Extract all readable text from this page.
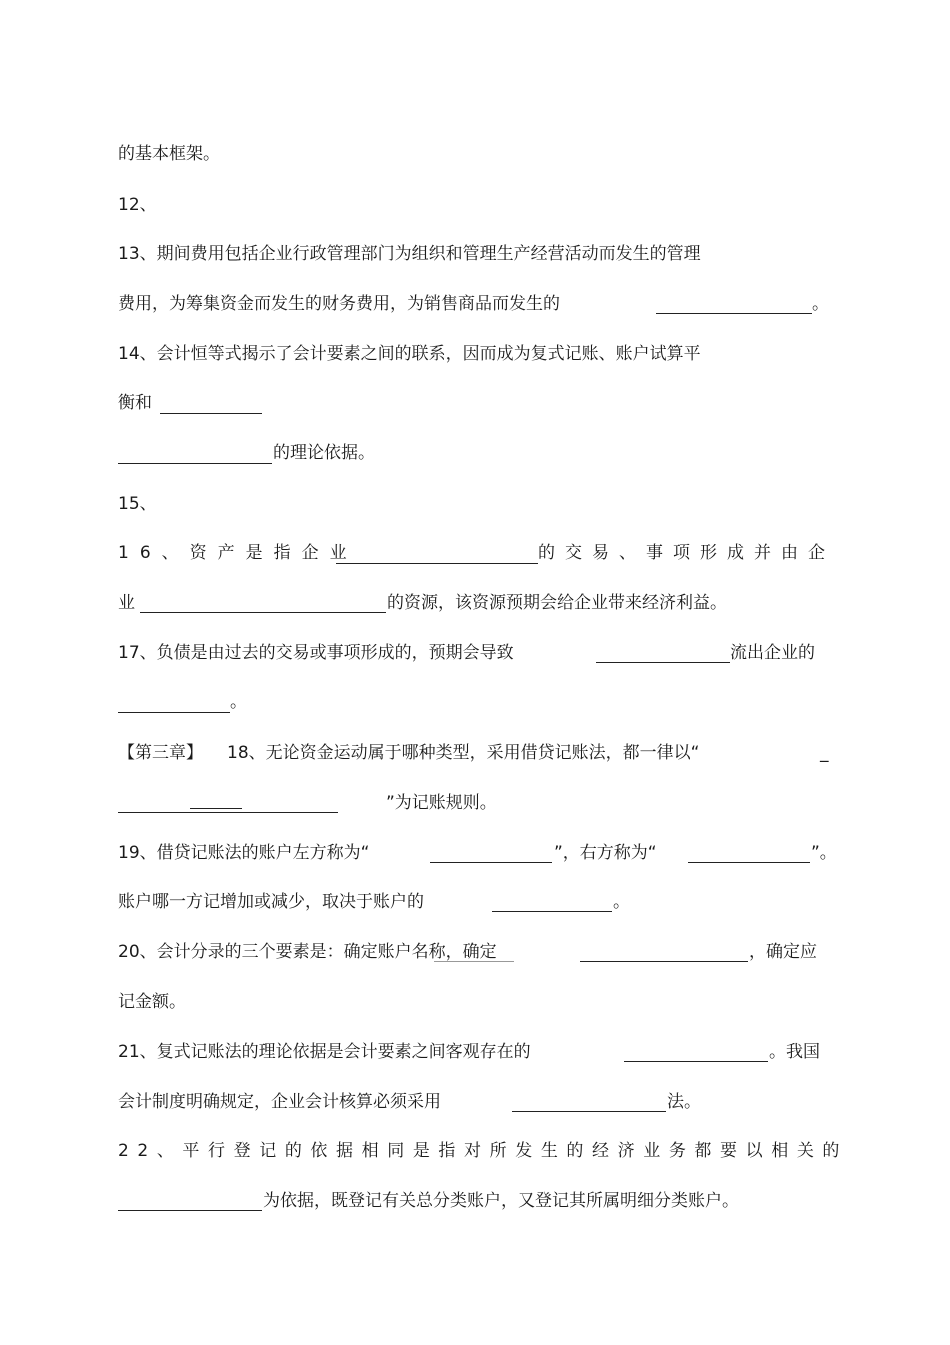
的基本框架。
12、
13、期间费用包括企业行政管理部门为组织和管理生产经营活动而发生的管理
费用，为筹集资金而发生的财务费用，为销售商品而发生的	。
14、会计恒等式揭示了会计要素之间的联系，因而成为复式记账、账户试算平
衡和
的理论依据。
15、
16、资产是指企业	的交易、事项形成并由企
业	的资源，该资源预期会给企业带来经济利益。
17、负债是由过去的交易或事项形成的，预期会导致	流出企业的
。
【第三章】 18、无论资金运动属于哪种类型，采用借贷记账法，都一律以“	_
”为记账规则。
19、借贷记账法的账户左方称为“	”，右方称为“	”。
账户哪一方记增加或减少，取决于账户的	。
20、会计分录的三个要素是：确定账户名称，确定	，确定应
记金额。
21、复式记账法的理论依据是会计要素之间客观存在的	。我国
会计制度明确规定，企业会计核算必须采用	法。
22、平行登记的依据相同是指对所发生的经济业务都要以相关的
为依据，既登记有关总分类账户，又登记其所属明细分类账户。
